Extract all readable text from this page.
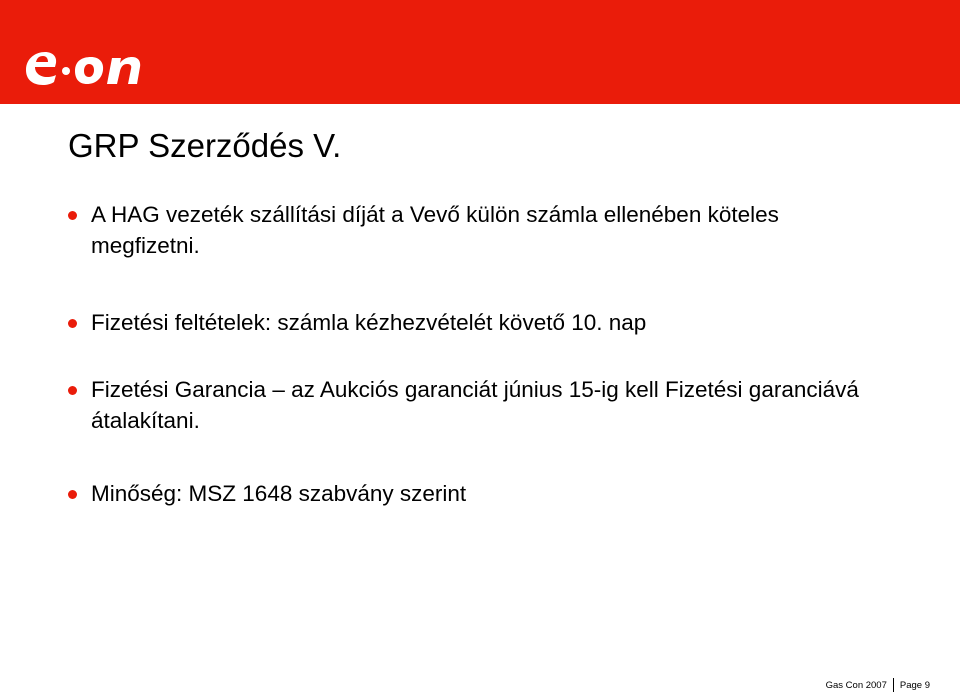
GRP Szerződés V.
A HAG vezeték szállítási díját a Vevő külön számla ellenében köteles megfizetni.
Fizetési feltételek: számla kézhezvételét követő 10. nap
Fizetési Garancia – az Aukciós garanciát június 15-ig kell Fizetési garanciává átalakítani.
Minőség: MSZ 1648 szabvány szerint
Gas Con 2007 Page 9
